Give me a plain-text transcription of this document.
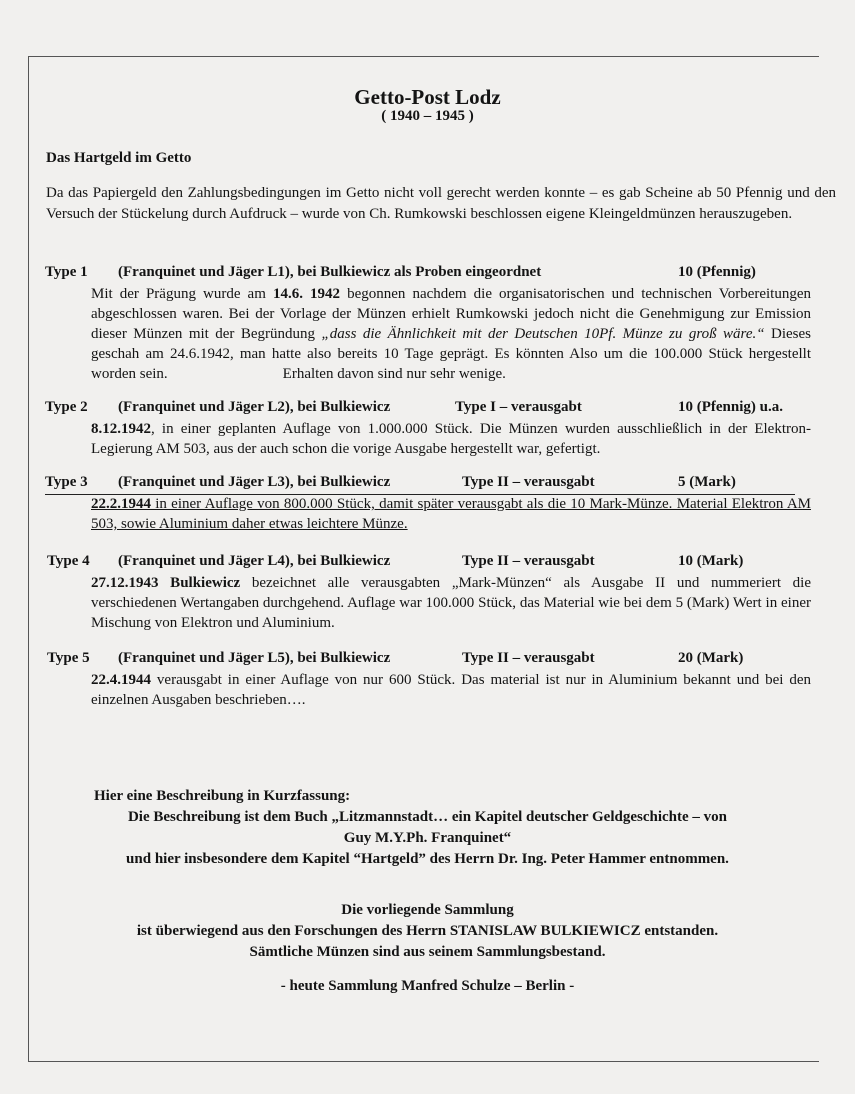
Getto-Post Lodz
( 1940 – 1945 )
Das Hartgeld im Getto
Da das Papiergeld den Zahlungsbedingungen im Getto nicht voll gerecht werden konnte – es gab Scheine ab 50 Pfennig und den Versuch der Stückelung durch Aufdruck – wurde von Ch. Rumkowski beschlossen eigene Kleingeldmünzen herauszugeben.
Type 1 (Franquinet und Jäger L1), bei Bulkiewicz als Proben eingeordnet	10 (Pfennig)
Mit der Prägung wurde am 14.6. 1942 begonnen nachdem die organisatorischen und technischen Vorbereitungen abgeschlossen waren. Bei der Vorlage der Münzen erhielt Rumkowski jedoch nicht die Genehmigung zur Emission dieser Münzen mit der Begründung „dass die Ähnlichkeit mit der Deutschen 10Pf. Münze zu groß wäre.“ Dieses geschah am 24.6.1942, man hatte also bereits 10 Tage geprägt. Es könnten Also um die 100.000 Stück hergestellt worden sein.	Erhalten davon sind nur sehr wenige.
Type 2 (Franquinet und Jäger L2), bei Bulkiewicz	Type I – verausgabt	10 (Pfennig) u.a.
8.12.1942, in einer geplanten Auflage von 1.000.000 Stück. Die Münzen wurden ausschließlich in der Elektron-Legierung AM 503, aus der auch schon die vorige Ausgabe hergestellt war, gefertigt.
Type 3 (Franquinet und Jäger L3), bei Bulkiewicz	Type II – verausgabt	5 (Mark)
22.2.1944 in einer Auflage von 800.000 Stück, damit später verausgabt als die 10 Mark-Münze. Material Elektron AM 503, sowie Aluminium daher etwas leichtere Münze.
Type 4 (Franquinet und Jäger L4), bei Bulkiewicz	Type II – verausgabt	10 (Mark)
27.12.1943 Bulkiewicz bezeichnet alle verausgabten „Mark-Münzen“ als Ausgabe II und nummeriert die verschiedenen Wertangaben durchgehend. Auflage war 100.000 Stück, das Material wie bei dem 5 (Mark) Wert in einer Mischung von Elektron und Aluminium.
Type 5 (Franquinet und Jäger L5), bei Bulkiewicz	Type II – verausgabt	20 (Mark)
22.4.1944 verausgabt in einer Auflage von nur 600 Stück. Das material ist nur in Aluminium bekannt und bei den einzelnen Ausgaben beschrieben….
Hier eine Beschreibung in Kurzfassung:
Die Beschreibung ist dem Buch „Litzmannstadt… ein Kapitel deutscher Geldgeschichte – von
Guy M.Y.Ph. Franquinet“
und hier insbesondere dem Kapitel “Hartgeld” des Herrn Dr. Ing. Peter Hammer entnommen.
Die vorliegende Sammlung
ist überwiegend aus den Forschungen des Herrn STANISLAW BULKIEWICZ entstanden.
Sämtliche Münzen sind aus seinem Sammlungsbestand.
- heute Sammlung Manfred Schulze – Berlin -
